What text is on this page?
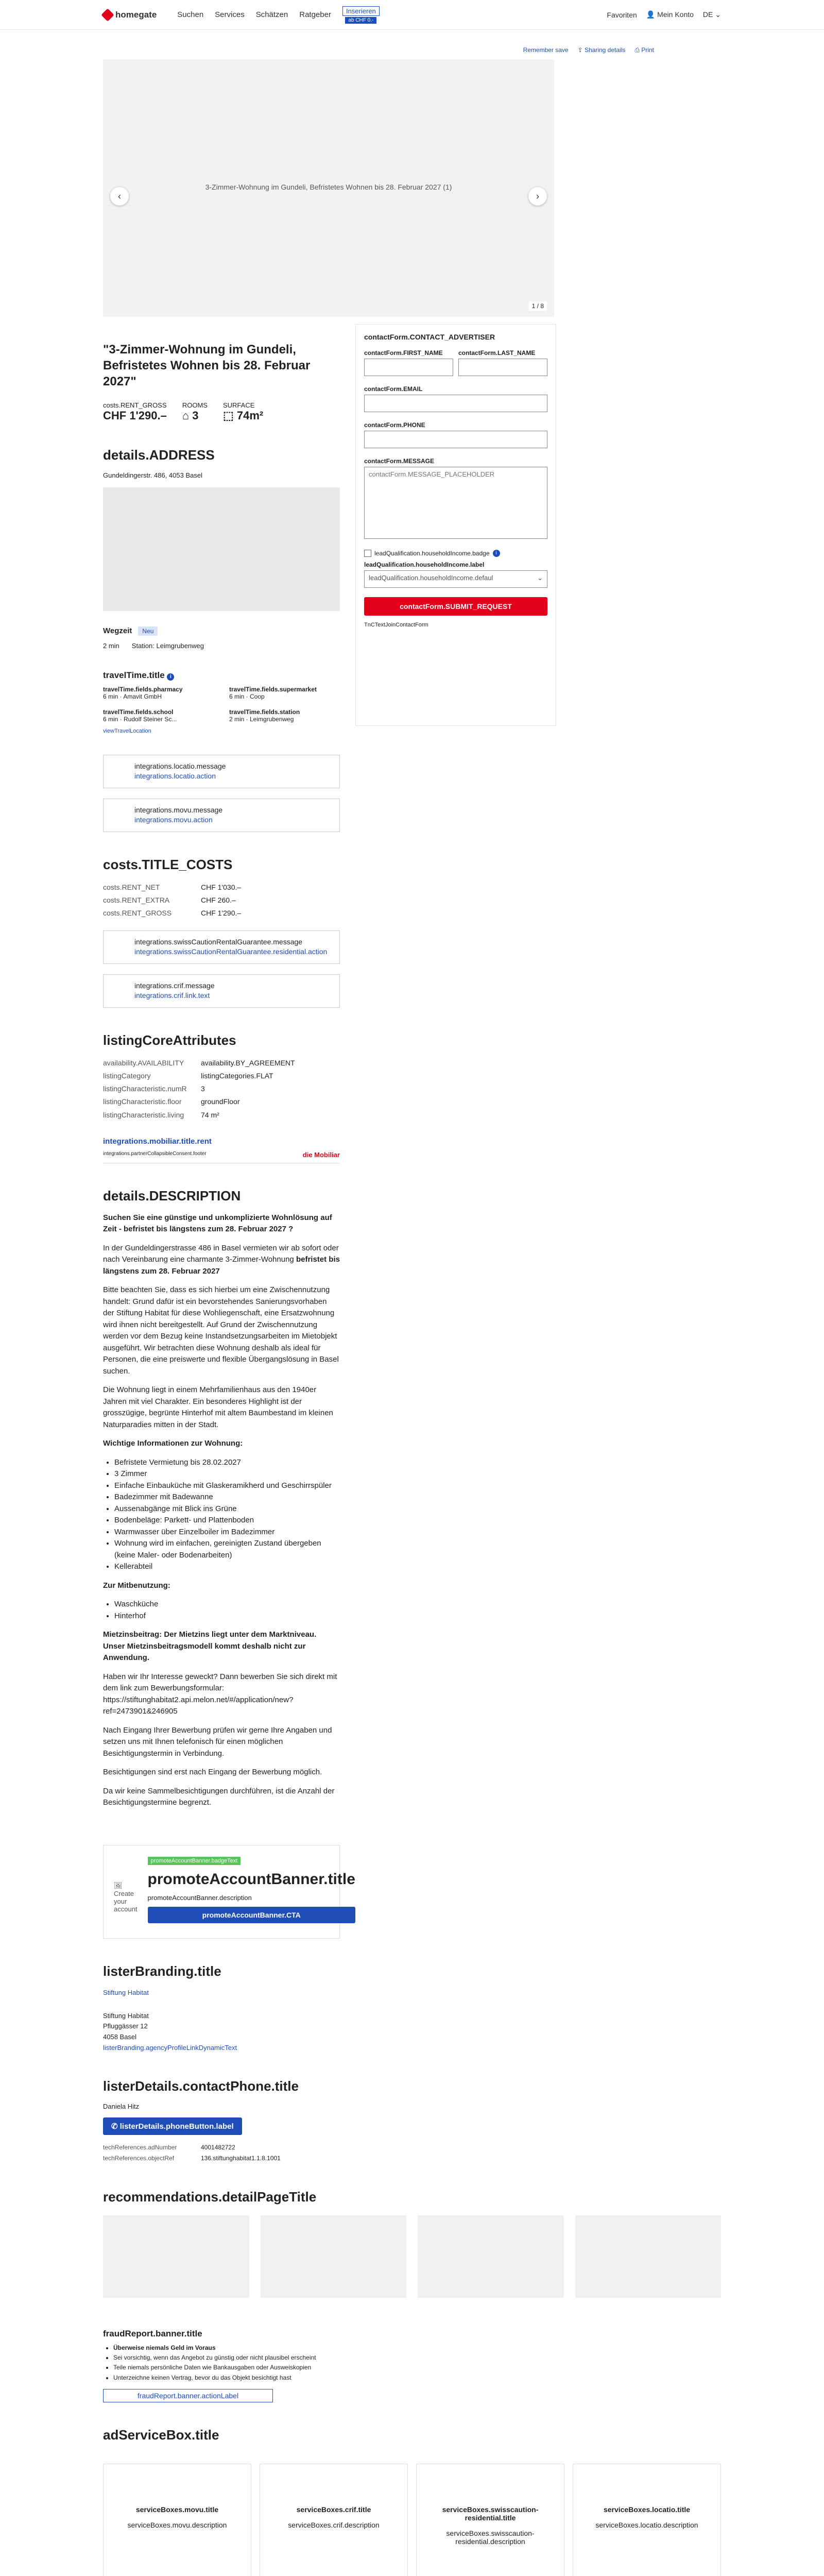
homegate	Suchen Services Schätzen Ratgeber	Inserieren
ab CHF 0.-
Favoriten 👤 Mein Konto DE ⌄
Remember save ⇪ Sharing details ⎙ Print
3-Zimmer-Wohnung im Gundeli, Befristetes Wohnen bis 28. Februar 2027 (1)
‹	›
1 / 8
"3-Zimmer-Wohnung im Gundeli, Befristetes Wohnen bis 28. Februar 2027"
costs.RENT_GROSS
CHF 1'290.–
ROOMS
⌂ 3
SURFACE
⬚ 74m²
details.ADDRESS
Gundeldingerstr. 486, 4053 Basel
Wegzeit	Neu
2 min Station: Leimgrubenweg
travelTime.title i
travelTime.fields.pharmacy
6 min · Amavit GmbH
travelTime.fields.supermarket
6 min · Coop
travelTime.fields.school
6 min · Rudolf Steiner Sc...
travelTime.fields.station
2 min · Leimgrubenweg
viewTravelLocation
integrations.locatio.message
integrations.locatio.action
integrations.movu.message
integrations.movu.action
costs.TITLE_COSTS
costs.RENT_NET	CHF 1'030.–
costs.RENT_EXTRA	CHF 260.–
costs.RENT_GROSS	CHF 1'290.–
integrations.swissCautionRentalGuarantee.message
integrations.swissCautionRentalGuarantee.residential.action
integrations.crif.message
integrations.crif.link.text
listingCoreAttributes
availability.AVAILABILITY	availability.BY_AGREEMENT
listingCategory	listingCategories.FLAT
listingCharacteristic.numR	3
listingCharacteristic.floor	groundFloor
listingCharacteristic.living	74 m²
integrations.mobiliar.title.rent
integrations.partnerCollapsibleConsent.footer	die Mobiliar
details.DESCRIPTION

Suchen Sie eine günstige und unkomplizierte Wohnlösung auf Zeit - befristet bis längstens zum 28. Februar 2027 ?

In der Gundeldingerstrasse 486 in Basel vermieten wir ab sofort oder nach Vereinbarung eine charmante 3-Zimmer-Wohnung befristet bis längstens zum 28. Februar 2027

Bitte beachten Sie, dass es sich hierbei um eine Zwischennutzung handelt: Grund dafür ist ein bevorstehendes Sanierungsvorhaben der Stiftung Habitat für diese Wohliegenschaft, eine Ersatzwohnung wird ihnen nicht bereitgestellt. Auf Grund der Zwischennutzung werden vor dem Bezug keine Instandsetzungsarbeiten im Mietobjekt ausgeführt. Wir betrachten diese Wohnung deshalb als ideal für Personen, die eine preiswerte und flexible Übergangslösung in Basel suchen.

Die Wohnung liegt in einem Mehrfamilienhaus aus den 1940er Jahren mit viel Charakter. Ein besonderes Highlight ist der grosszügige, begrünte Hinterhof mit altem Baumbestand im kleinen Naturparadies mitten in der Stadt.

Wichtige Informationen zur Wohnung:

• Befristete Vermietung bis 28.02.2027
• 3 Zimmer
• Einfache Einbauküche mit Glaskeramikherd und Geschirrspüler
• Badezimmer mit Badewanne
• Aussenabgänge mit Blick ins Grüne
• Bodenbeläge: Parkett- und Plattenboden
• Warmwasser über Einzelboiler im Badezimmer
• Wohnung wird im einfachen, gereinigten Zustand übergeben (keine Maler- oder Bodenarbeiten)
• Kellerabteil

Zur Mitbenutzung:

• Waschküche
• Hinterhof

Mietzinsbeitrag: Der Mietzins liegt unter dem Marktniveau. Unser Mietzinsbeitragsmodell kommt deshalb nicht zur Anwendung.

Haben wir Ihr Interesse geweckt? Dann bewerben Sie sich direkt mit dem link zum Bewerbungsformular: https://stiftunghabitat2.api.melon.net/#/application/new?ref=2473901&246905

Nach Eingang Ihrer Bewerbung prüfen wir gerne Ihre Angaben und setzen uns mit Ihnen telefonisch für einen möglichen Besichtigungstermin in Verbindung.

Besichtigungen sind erst nach Eingang der Bewerbung möglich.

Da wir keine Sammelbesichtigungen durchführen, ist die Anzahl der Besichtigungstermine begrenzt.

🖼 Create your account
promoteAccountBanner.badgeText
promoteAccountBanner.title
promoteAccountBanner.description
promoteAccountBanner.CTA
listerBranding.title
Stiftung Habitat
Stiftung Habitat
Pfluggässer 12
4058 Basel
listerBranding.agencyProfileLinkDynamicText
listerDetails.contactPhone.title
Daniela Hitz
✆ listerDetails.phoneButton.label
techReferences.adNumber	4001482722
techReferences.objectRef	136.stiftunghabitat1.1.8.1001
contactForm.CONTACT_ADVERTISER
contactForm.FIRST_NAME	contactForm.LAST_NAME
contactForm.EMAIL
contactForm.PHONE
contactForm.MESSAGE
contactForm.MESSAGE_PLACEHOLDER
leadQualification.householdIncome.badge	i
leadQualification.householdIncome.label
leadQualification.householdIncome.defaul	⌄
contactForm.SUBMIT_REQUEST
TnCTextJoinContactForm
recommendations.detailPageTitle
fraudReport.banner.title
• Überweise niemals Geld im Voraus
• Sei vorsichtig, wenn das Angebot zu günstig oder nicht plausibel erscheint
• Teile niemals persönliche Daten wie Bankausgaben oder Ausweiskopien
• Unterzeichne keinen Vertrag, bevor du das Objekt besichtigt hast
fraudReport.banner.actionLabel
adServiceBox.title
serviceBoxes.movu.title
serviceBoxes.movu.description
serviceBoxes.crif.title
serviceBoxes.crif.description
serviceBoxes.swisscaution-residential.title
serviceBoxes.swisscaution-residential.description
serviceBoxes.locatio.title
serviceBoxes.locatio.description
